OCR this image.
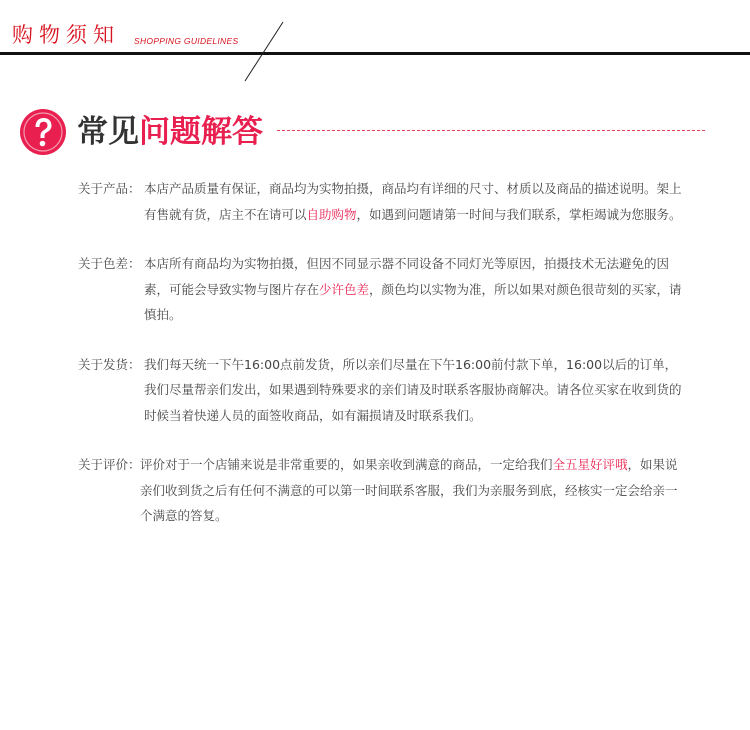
购物须知 SHOPPING GUIDELINES
常见问题解答
关于产品： 本店产品质量有保证，商品均为实物拍摄，商品均有详细的尺寸、材质以及商品的描述说明。架上有售就有货，店主不在请可以自助购物，如遇到问题请第一时间与我们联系，掌柜竭诚为您服务。
关于色差： 本店所有商品均为实物拍摄，但因不同显示器不同设备不同灯光等原因，拍摄技术无法避免的因素，可能会导致实物与图片存在少许色差，颜色均以实物为准，所以如果对颜色很苛刻的买家，请慎拍。
关于发货： 我们每天统一下午16:00点前发货，所以亲们尽量在下午16:00前付款下单，16:00以后的订单，我们尽量帮亲们发出，如果遇到特殊要求的亲们请及时联系客服协商解决。请各位买家在收到货的时候当着快递人员的面签收商品，如有漏损请及时联系我们。
关于评价： 评价对于一个店铺来说是非常重要的，如果亲收到满意的商品，一定给我们全五星好评哦，如果说亲们收到货之后有任何不满意的可以第一时间联系客服，我们为亲服务到底，经核实一定会给亲一个满意的答复。
